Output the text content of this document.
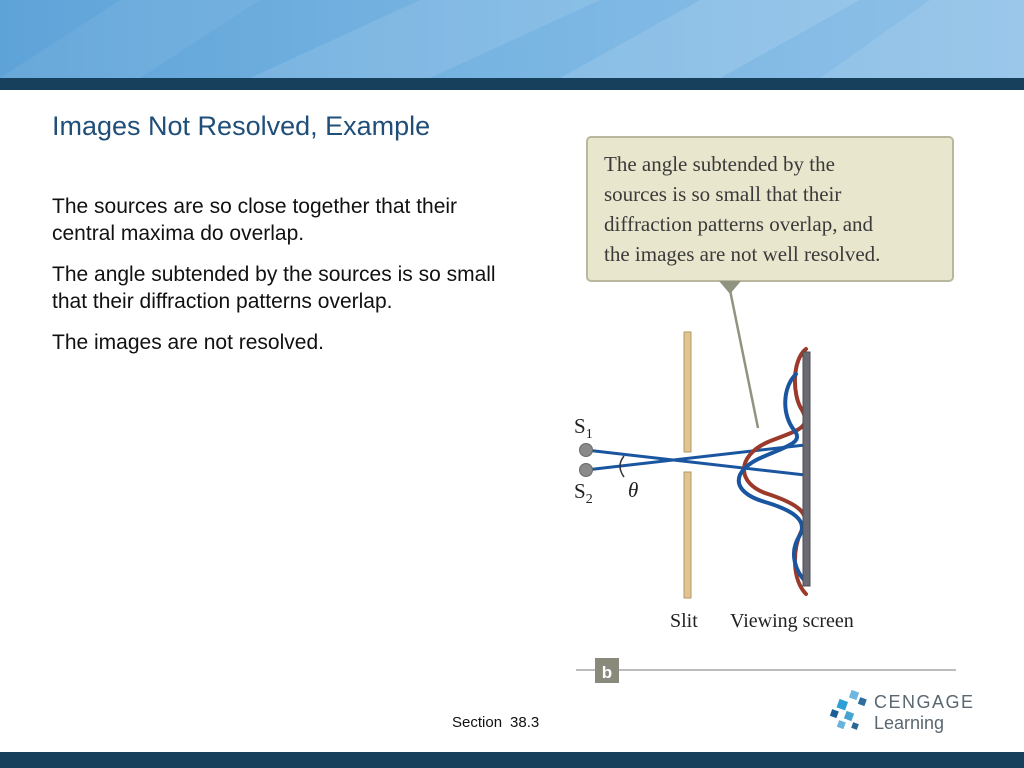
Images Not Resolved, Example

The sources are so close together that their central maxima do overlap.

The angle subtended by the sources is so small that their diffraction patterns overlap.

The images are not resolved.

The angle subtended by the sources is so small that their diffraction patterns overlap, and the images are not well resolved.
θ
$S_1$
$S_2$
Slit Viewing screen
b
Section 38.3
CENGAGE
Learning
